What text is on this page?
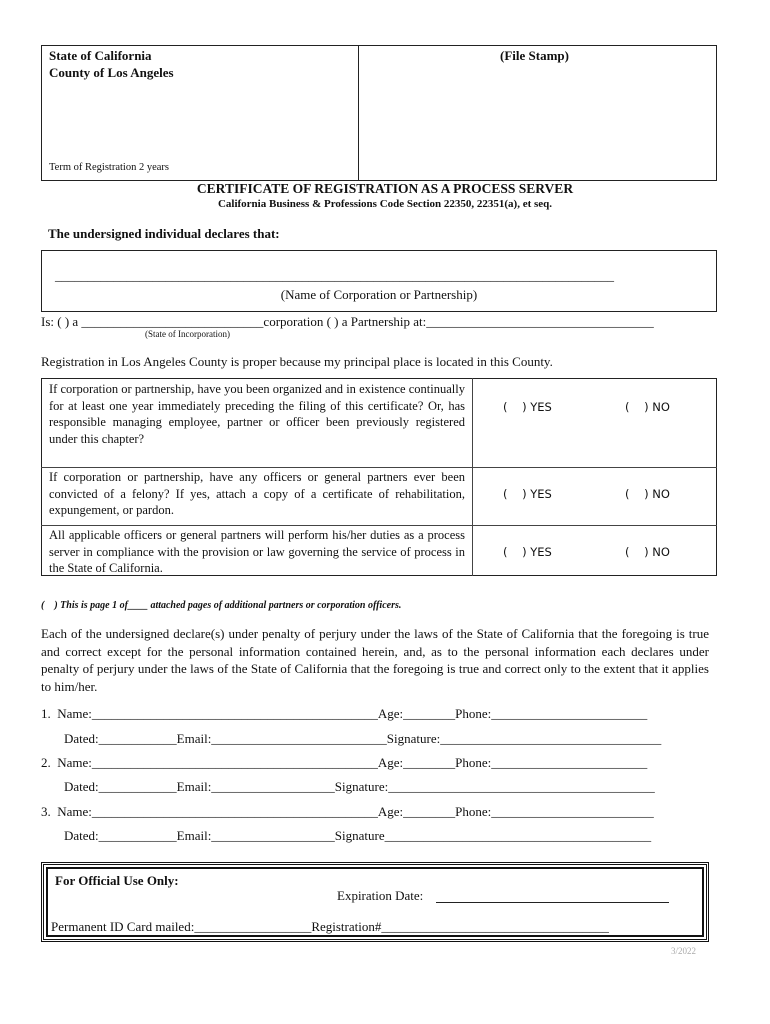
State of California
County of Los Angeles
Term of Registration 2 years
(File Stamp)
CERTIFICATE OF REGISTRATION AS A PROCESS SERVER
California Business & Professions Code Section 22350, 22351(a), et seq.
The undersigned individual declares that:
______________________________________________________________________________________
(Name of Corporation or Partnership)
Is: ( ) a ____________________________corporation ( ) a Partnership at:___________________________________
(State of Incorporation)
Registration in Los Angeles County is proper because my principal place is located in this County.
If corporation or partnership, have you been organized and in existence continually for at least one year immediately preceding the filing of this certificate? Or, has responsible managing employee, partner or officer been previously registered under this chapter?
(    ) YES	(    ) NO
If corporation or partnership, have any officers or general partners ever been convicted of a felony? If yes, attach a copy of a certificate of rehabilitation, expungement, or pardon.
(    ) YES	(    ) NO
All applicable officers or general partners will perform his/her duties as a process server in compliance with the provision or law governing the service of process in the State of California.
(    ) YES	(    ) NO
(    ) This is page 1 of____ attached pages of additional partners or corporation officers.
Each of the undersigned declare(s) under penalty of perjury under the laws of the State of California that the foregoing is true and correct except for the personal information contained herein, and, as to the personal information each declares under penalty of perjury under the laws of the State of California that the foregoing is true and correct only to the extent that it applies to him/her.
1.  Name:____________________________________________Age:________Phone:________________________
Dated:____________Email:___________________________Signature:__________________________________
2.  Name:____________________________________________Age:________Phone:________________________
Dated:____________Email:___________________Signature:_________________________________________
3.  Name:____________________________________________Age:________Phone:_________________________
Dated:____________Email:___________________Signature_________________________________________
For Official Use Only:
Expiration Date:
Permanent ID Card mailed:__________________Registration#___________________________________
3/2022
